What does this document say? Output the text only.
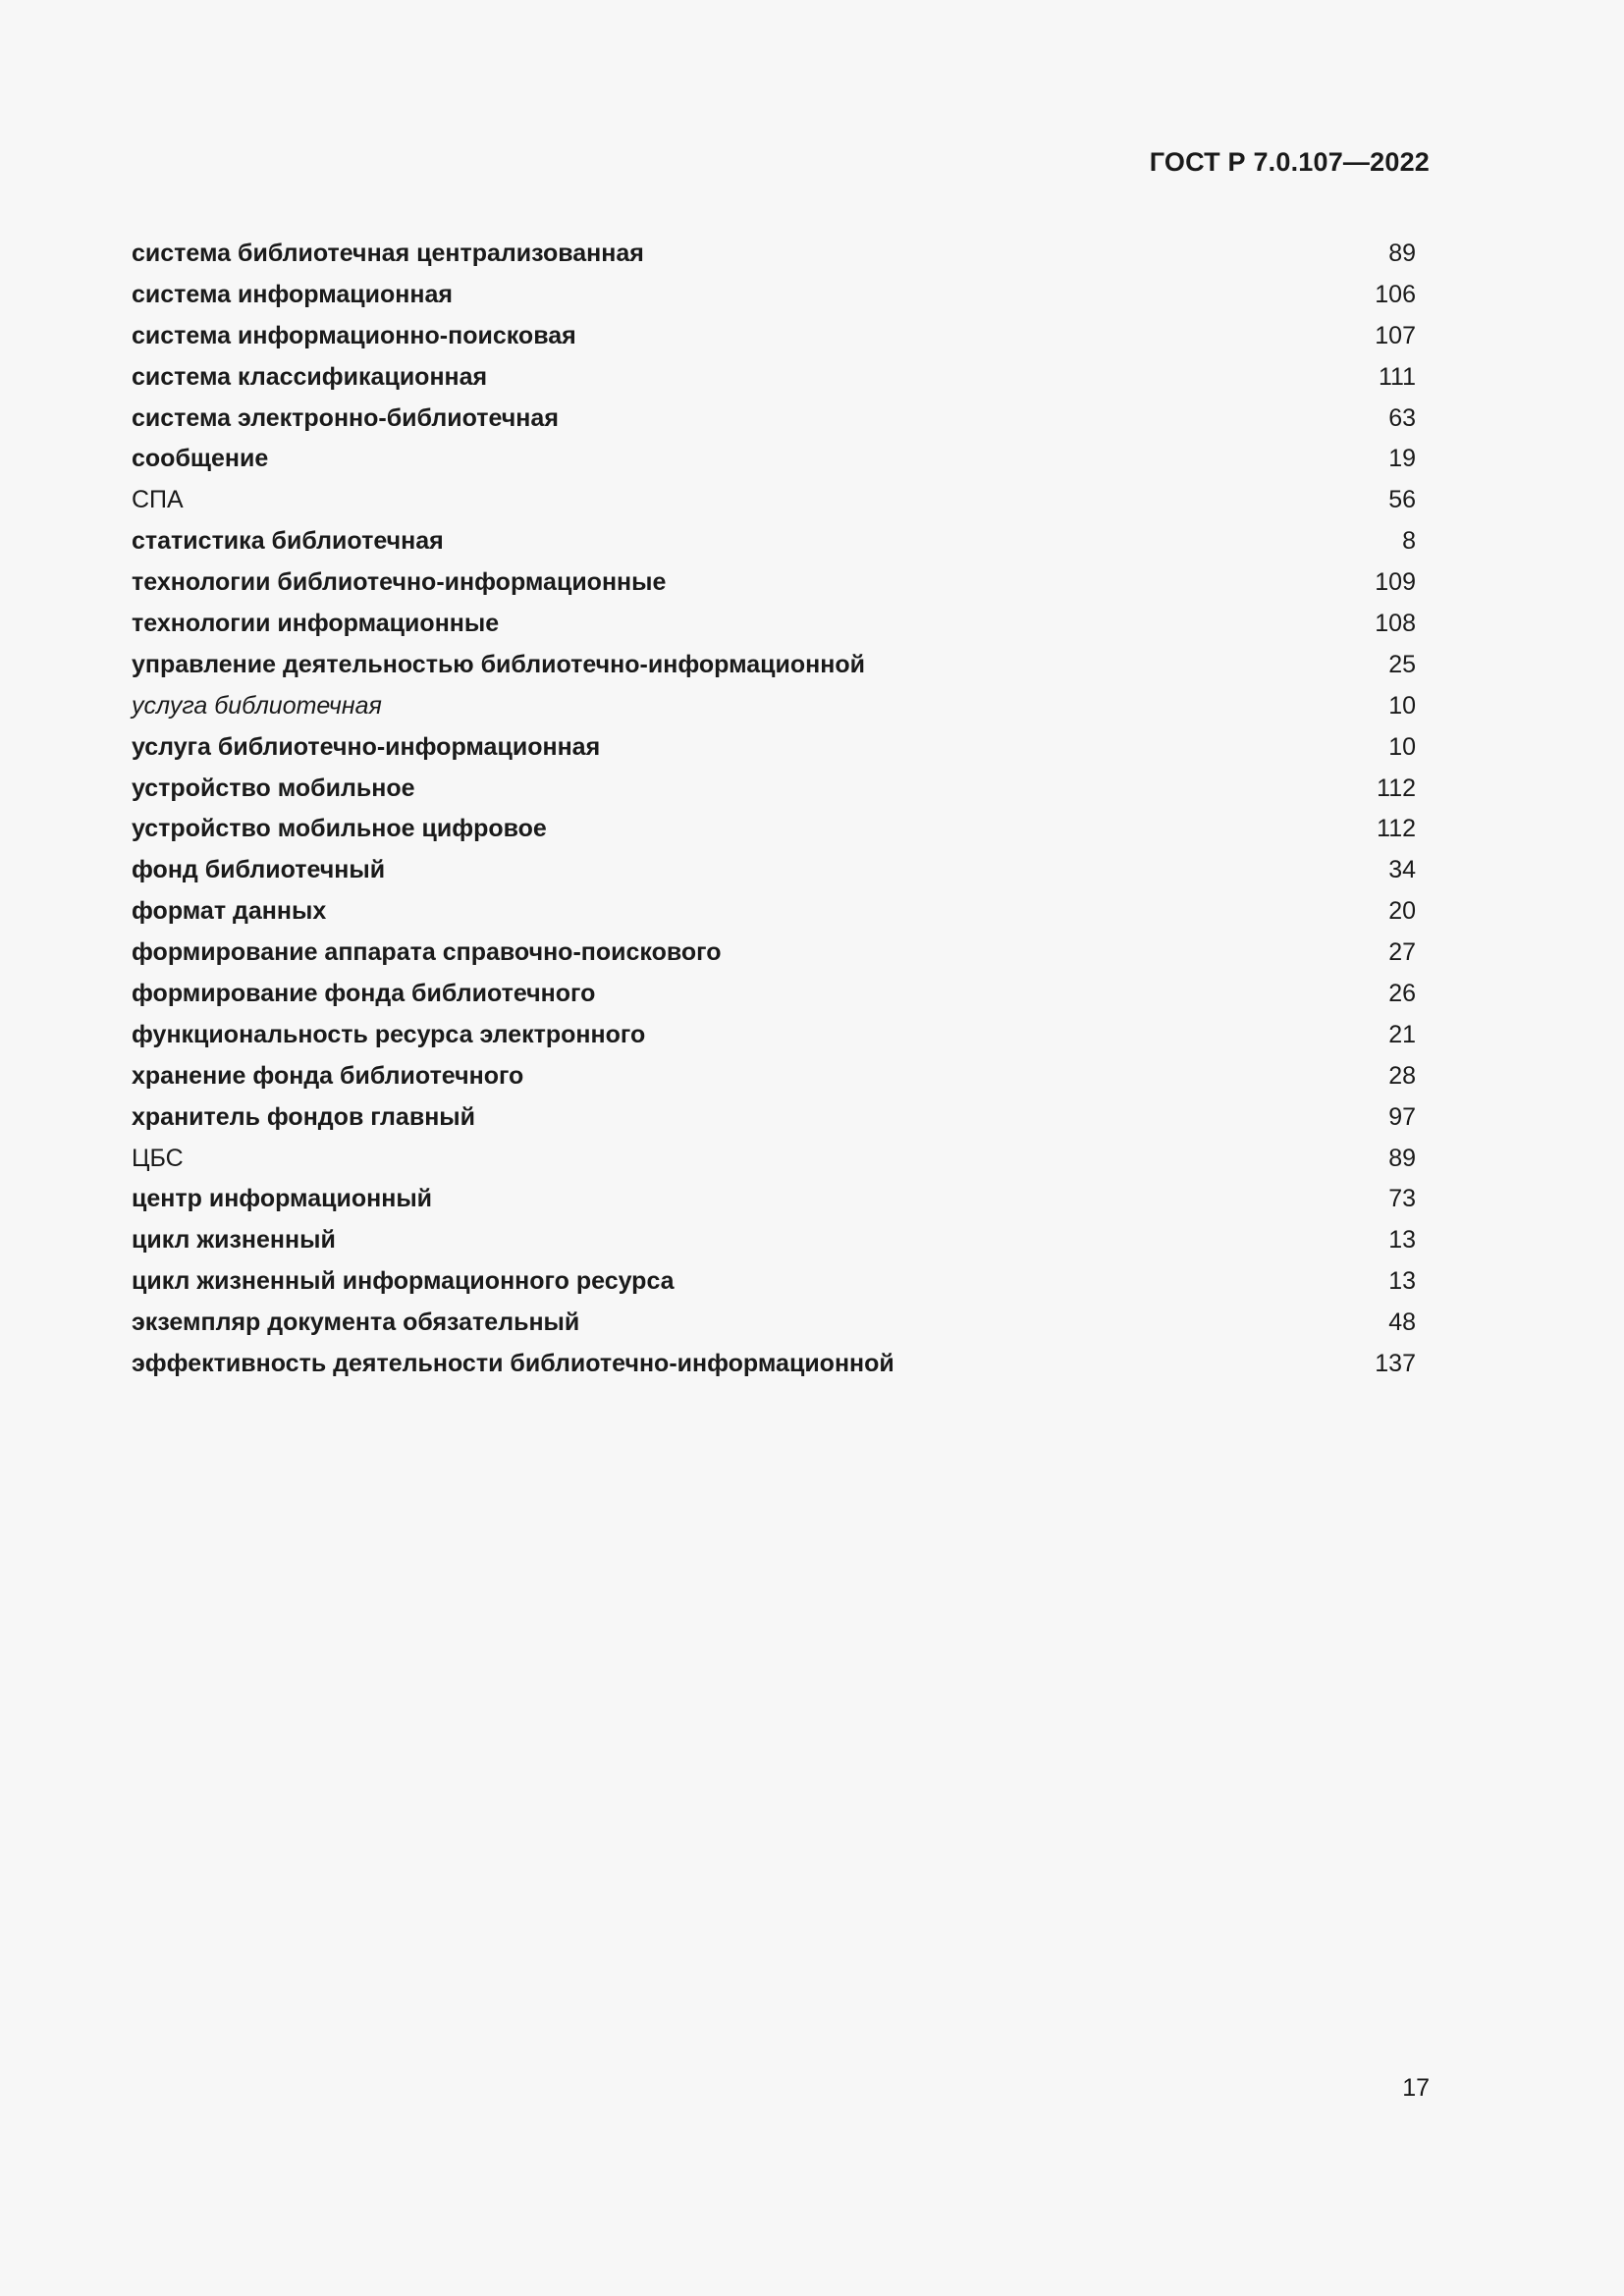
ГОСТ Р 7.0.107—2022
система библиотечная централизованная	89
система информационная	106
система информационно-поисковая	107
система классификационная	111
система электронно-библиотечная	63
сообщение	19
СПА	56
статистика библиотечная	8
технологии библиотечно-информационные	109
технологии информационные	108
управление деятельностью библиотечно-информационной	25
услуга библиотечная	10
услуга библиотечно-информационная	10
устройство мобильное	112
устройство мобильное цифровое	112
фонд библиотечный	34
формат данных	20
формирование аппарата справочно-поискового	27
формирование фонда библиотечного	26
функциональность ресурса электронного	21
хранение фонда библиотечного	28
хранитель фондов главный	97
ЦБС	89
центр информационный	73
цикл жизненный	13
цикл жизненный информационного ресурса	13
экземпляр документа обязательный	48
эффективность деятельности библиотечно-информационной	137
17
